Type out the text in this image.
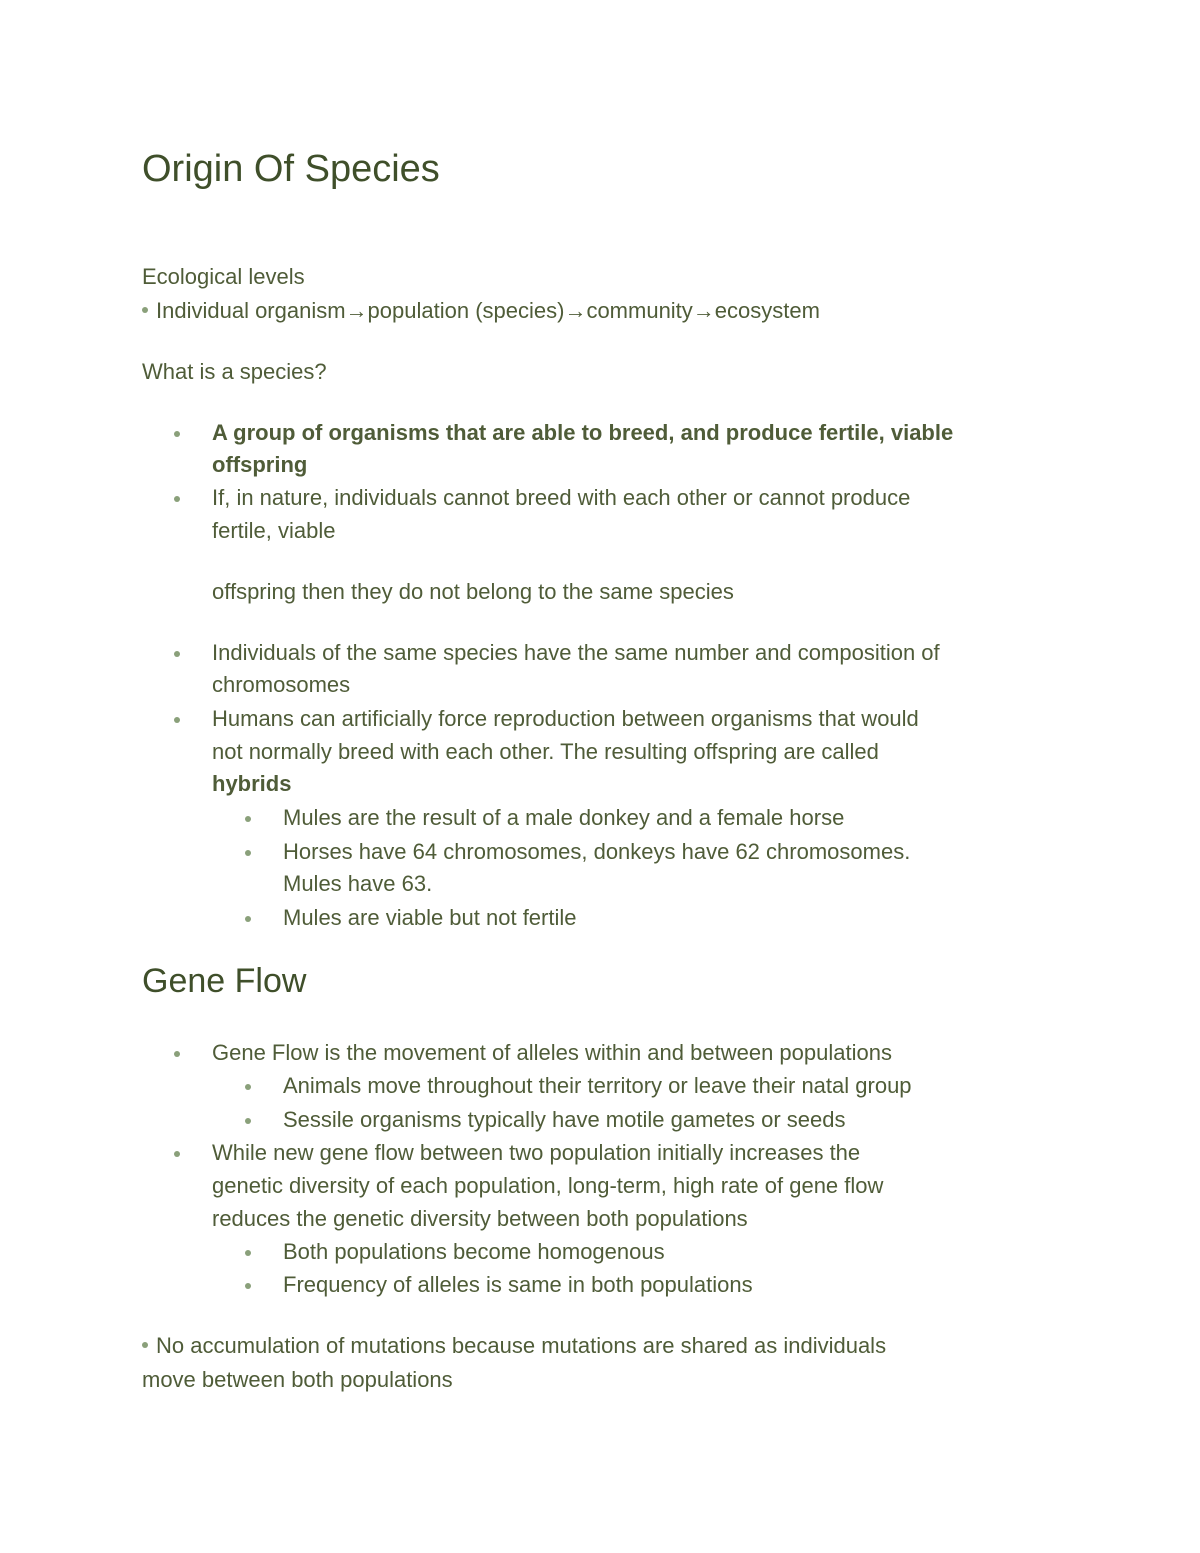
Origin Of Species
Ecological levels
Individual organism→population (species)→community→ecosystem
What is a species?
A group of organisms that are able to breed, and produce fertile, viable
offspring
If, in nature, individuals cannot breed with each other or cannot produce
fertile, viable
offspring then they do not belong to the same species
Individuals of the same species have the same number and composition of
chromosomes
Humans can artificially force reproduction between organisms that would
not normally breed with each other. The resulting offspring are called
hybrids
Mules are the result of a male donkey and a female horse
Horses have 64 chromosomes, donkeys have 62 chromosomes.
Mules have 63.
Mules are viable but not fertile
Gene Flow
Gene Flow is the movement of alleles within and between populations
Animals move throughout their territory or leave their natal group
Sessile organisms typically have motile gametes or seeds
While new gene flow between two population initially increases the
genetic diversity of each population, long-term, high rate of gene flow
reduces the genetic diversity between both populations
Both populations become homogenous
Frequency of alleles is same in both populations
No accumulation of mutations because mutations are shared as individuals
move between both populations
